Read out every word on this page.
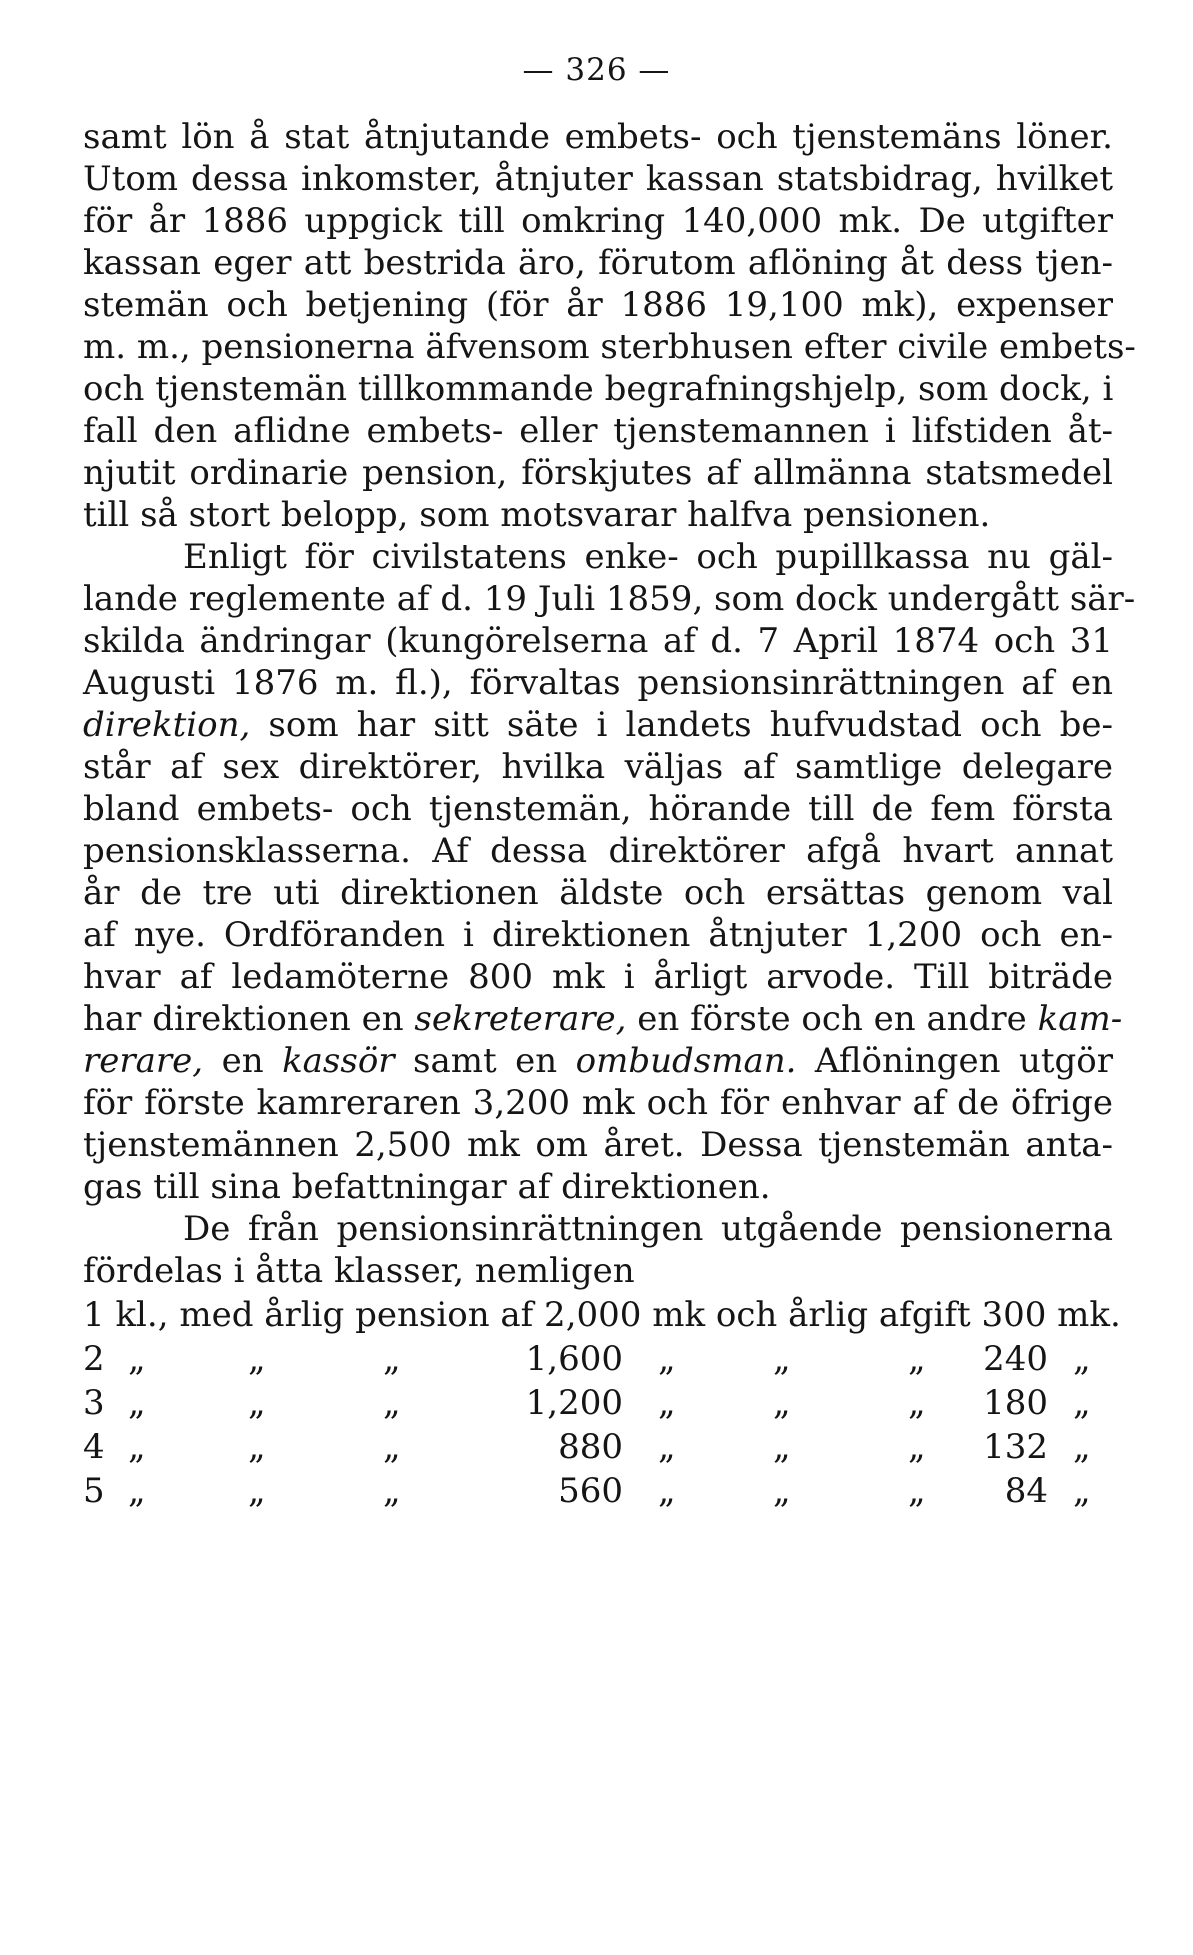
— 326 —
samt lön å stat åtnjutande embets- och tjenstemäns löner.
Utom dessa inkomster, åtnjuter kassan statsbidrag, hvilket
för år 1886 uppgick till omkring 140,000 mk. De utgifter
kassan eger att bestrida äro, förutom aflöning åt dess tjen-
stemän och betjening (för år 1886 19,100 mk), expenser
m. m., pensionerna äfvensom sterbhusen efter civile embets-
och tjenstemän tillkommande begrafningshjelp, som dock, i
fall den aflidne embets- eller tjenstemannen i lifstiden åt-
njutit ordinarie pension, förskjutes af allmänna statsmedel
till så stort belopp, som motsvarar halfva pensionen.
Enligt för civilstatens enke- och pupillkassa nu gäl-
lande reglemente af d. 19 Juli 1859, som dock undergått sär-
skilda ändringar (kungörelserna af d. 7 April 1874 och 31
Augusti 1876 m. fl.), förvaltas pensionsinrättningen af en
direktion, som har sitt säte i landets hufvudstad och be-
står af sex direktörer, hvilka väljas af samtlige delegare
bland embets- och tjenstemän, hörande till de fem första
pensionsklasserna. Af dessa direktörer afgå hvart annat
år de tre uti direktionen äldste och ersättas genom val
af nye. Ordföranden i direktionen åtnjuter 1,200 och en-
hvar af ledamöterne 800 mk i årligt arvode. Till biträde
har direktionen en sekreterare, en förste och en andre kam-
rerare, en kassör samt en ombudsman. Aflöningen utgör
för förste kamreraren 3,200 mk och för enhvar af de öfrige
tjenstemännen 2,500 mk om året. Dessa tjenstemän anta-
gas till sina befattningar af direktionen.
De från pensionsinrättningen utgående pensionerna
fördelas i åtta klasser, nemligen
1 kl., med årlig pension af 2,000 mk och årlig afgift 300 mk.
2 „	„	„	1,600 „	„	„	240 „
3 „	„	„	1,200 „	„	„	180 „
4 „	„	„	880 „	„	„	132 „
5 „	„	„	560 „	„	„	84 „
